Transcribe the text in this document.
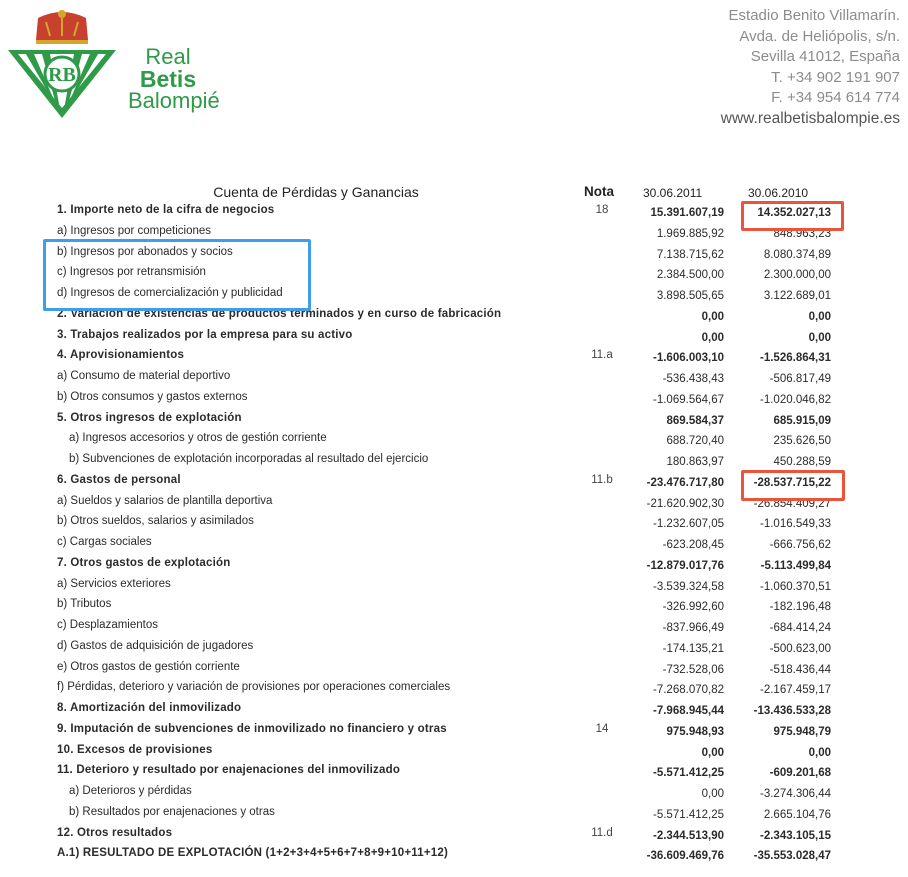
RB
Real
Betis
Balompié
Estadio Benito Villamarín.
Avda. de Heliópolis, s/n.
Sevilla 41012, España
T. +34 902 191 907
F. +34 954 614 774
www.realbetisbalompie.es
Cuenta de Pérdidas y Ganancias	Nota 30.06.2011	30.06.2010
1. Importe neto de la cifra de negocios	18	15.391.607,19	14.352.027,13
a) Ingresos por competiciones	1.969.885,92	848.963,23
b) Ingresos por abonados y socios	7.138.715,62	8.080.374,89
c) Ingresos por retransmisión	2.384.500,00	2.300.000,00
d) Ingresos de comercialización y publicidad	3.898.505,65	3.122.689,01
2. Variación de existencias de productos terminados y en curso de fabricación	0,00	0,00
3. Trabajos realizados por la empresa para su activo	0,00	0,00
4. Aprovisionamientos	11.a	-1.606.003,10	-1.526.864,31
a) Consumo de material deportivo	-536.438,43	-506.817,49
b) Otros consumos y gastos externos	-1.069.564,67	-1.020.046,82
5. Otros ingresos de explotación	869.584,37	685.915,09
a) Ingresos accesorios y otros de gestión corriente	688.720,40	235.626,50
b) Subvenciones de explotación incorporadas al resultado del ejercicio	180.863,97	450.288,59
6. Gastos de personal	11.b	-23.476.717,80	-28.537.715,22
a) Sueldos y salarios de plantilla deportiva	-21.620.902,30	-26.854.409,27
b) Otros sueldos, salarios y asimilados	-1.232.607,05	-1.016.549,33
c) Cargas sociales	-623.208,45	-666.756,62
7. Otros gastos de explotación	-12.879.017,76	-5.113.499,84
a) Servicios exteriores	-3.539.324,58	-1.060.370,51
b) Tributos	-326.992,60	-182.196,48
c) Desplazamientos	-837.966,49	-684.414,24
d) Gastos de adquisición de jugadores	-174.135,21	-500.623,00
e) Otros gastos de gestión corriente	-732.528,06	-518.436,44
f) Pérdidas, deterioro y variación de provisiones por operaciones comerciales	-7.268.070,82	-2.167.459,17
8. Amortización del inmovilizado	-7.968.945,44	-13.436.533,28
9. Imputación de subvenciones de inmovilizado no financiero y otras	14	975.948,93	975.948,79
10. Excesos de provisiones	0,00	0,00
11. Deterioro y resultado por enajenaciones del inmovilizado	-5.571.412,25	-609.201,68
a) Deterioros y pérdidas	0,00	-3.274.306,44
b) Resultados por enajenaciones y otras	-5.571.412,25	2.665.104,76
12. Otros resultados	11.d	-2.344.513,90	-2.343.105,15
A.1) RESULTADO DE EXPLOTACIÓN (1+2+3+4+5+6+7+8+9+10+11+12)	-36.609.469,76	-35.553.028,47
